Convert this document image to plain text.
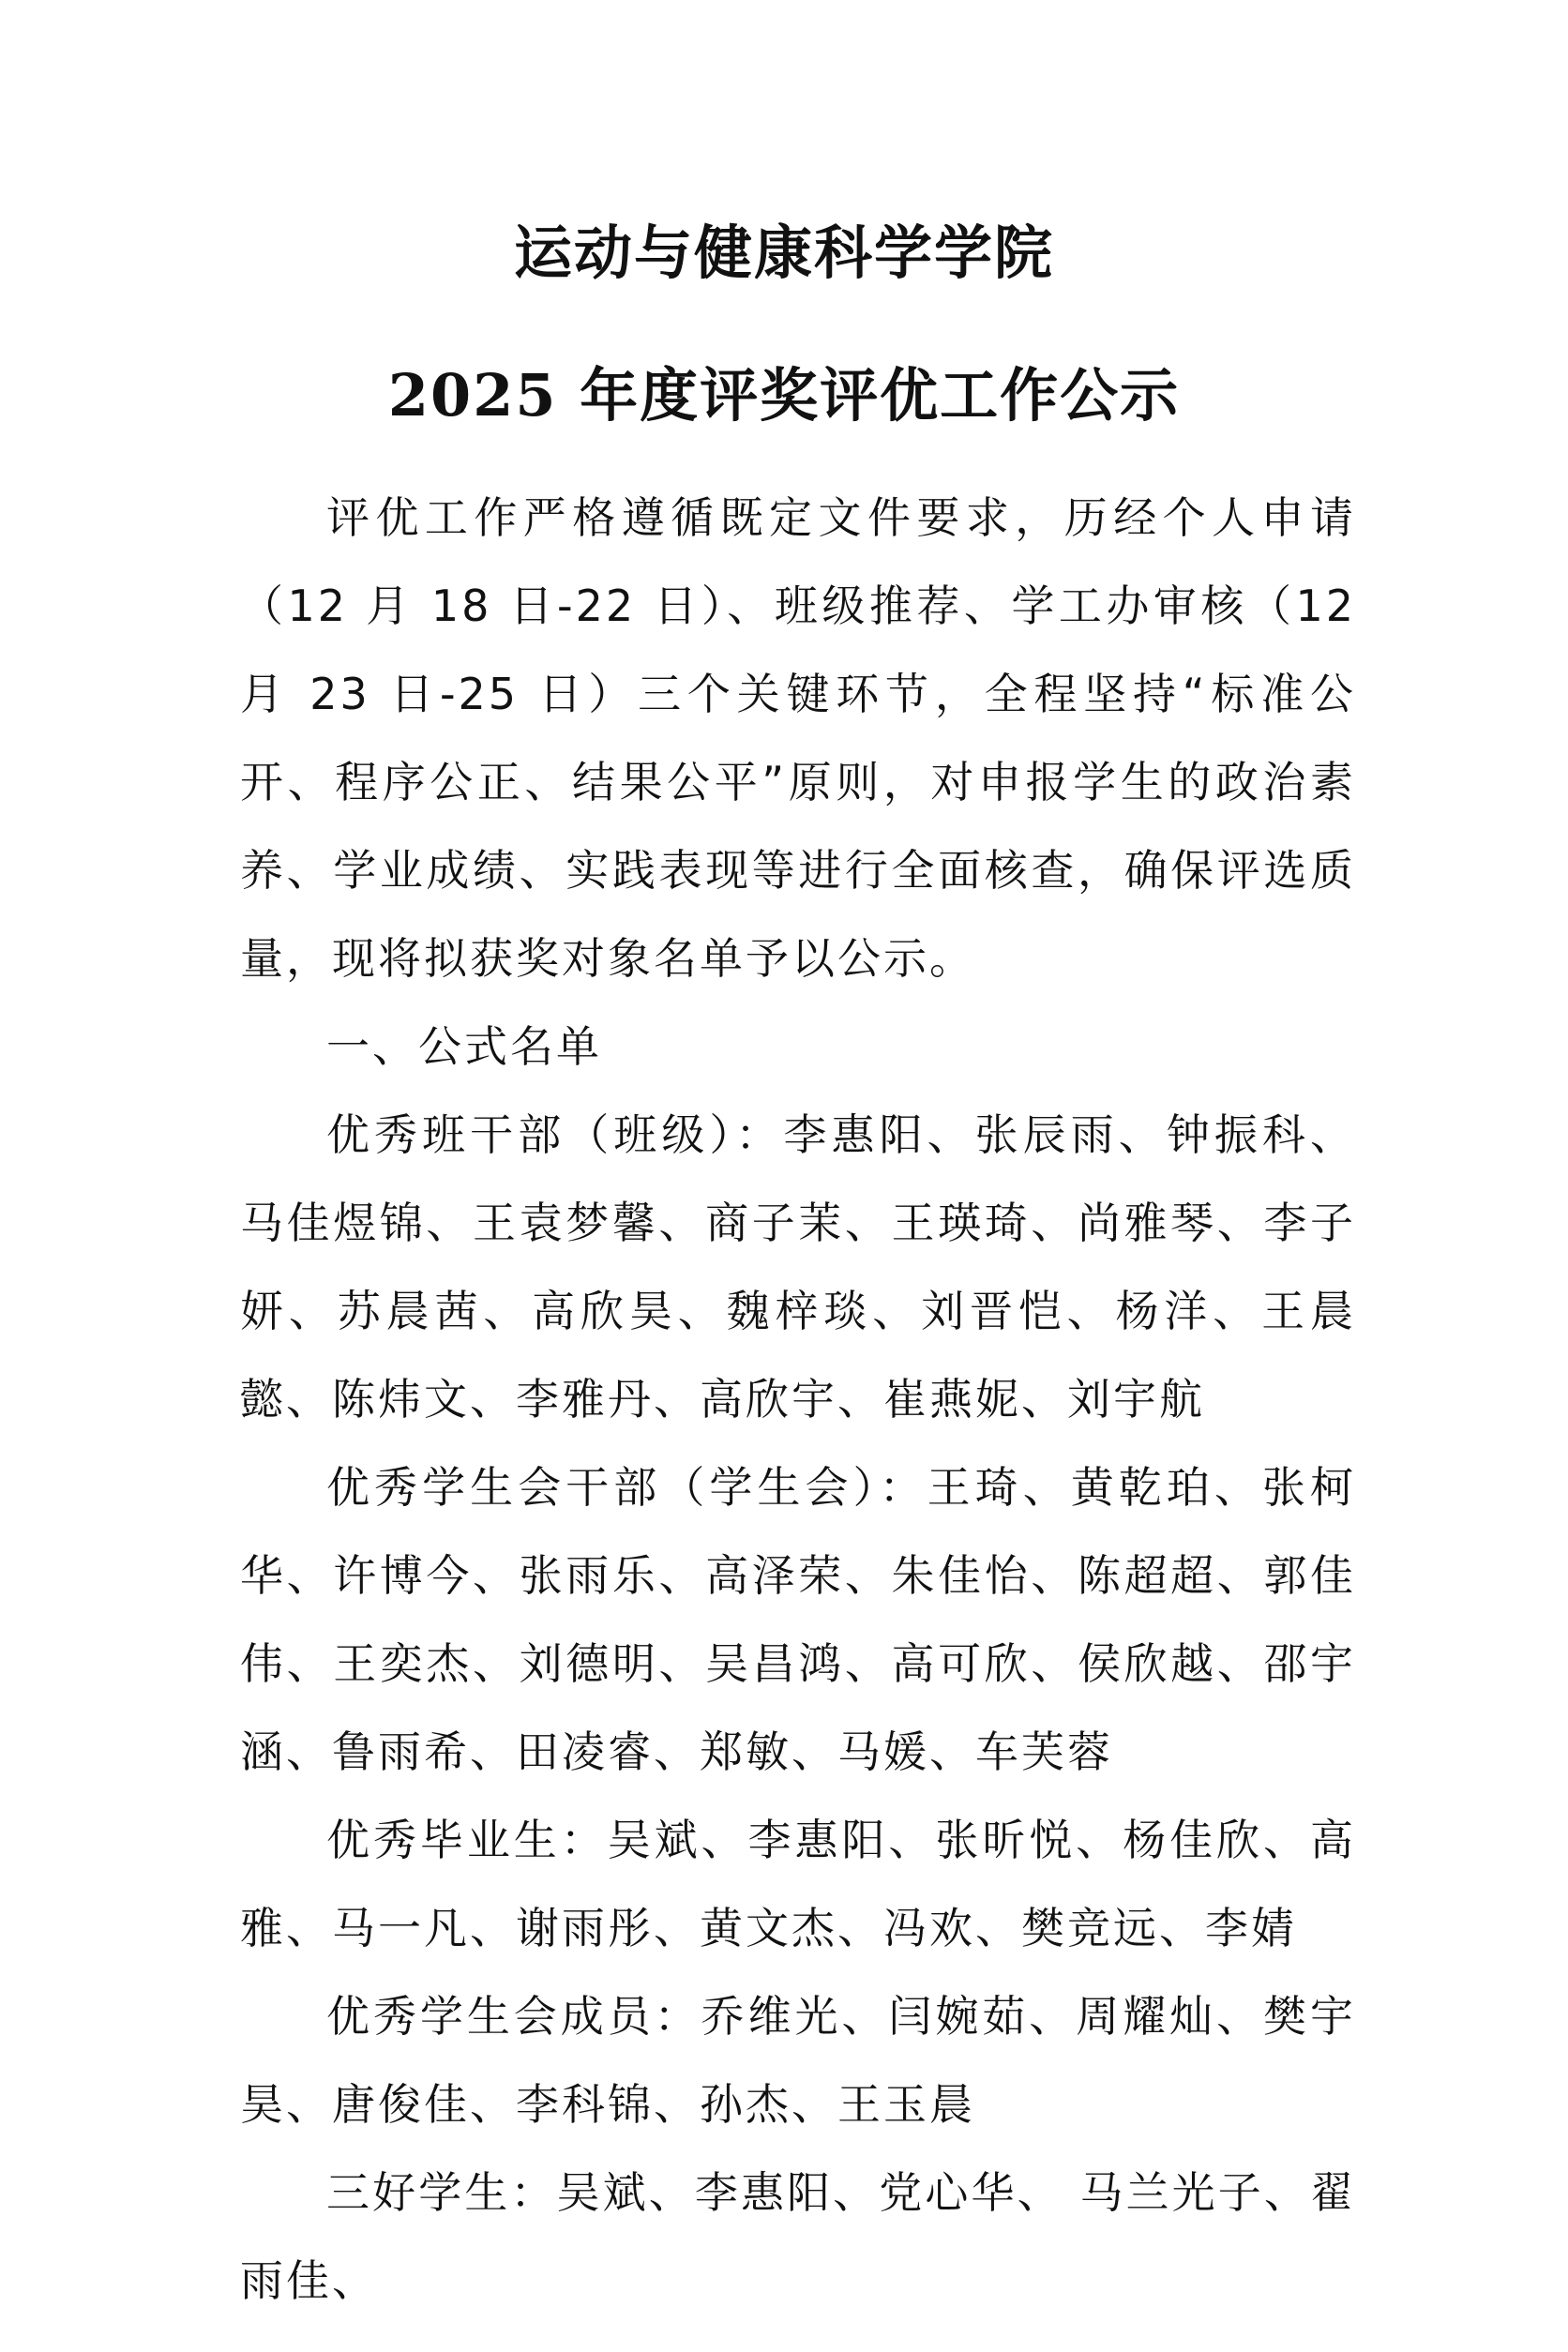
运动与健康科学学院
2025 年度评奖评优工作公示

评优工作严格遵循既定文件要求，历经个人申请（12 月 18 日-22 日）、班级推荐、学工办审核（12 月 23 日-25 日）三个关键环节，全程坚持“标准公开、程序公正、结果公平”原则，对申报学生的政治素养、学业成绩、实践表现等进行全面核查，确保评选质量，现将拟获奖对象名单予以公示。

一、公式名单

优秀班干部（班级）：李惠阳、张辰雨、钟振科、马佳煜锦、王袁梦馨、商子茉、王瑛琦、尚雅琴、李子妍、苏晨茜、高欣昊、魏梓琰、刘晋恺、杨洋、王晨懿、陈炜文、李雅丹、高欣宇、崔燕妮、刘宇航

优秀学生会干部（学生会）：王琦、黄乾珀、张柯华、许博今、张雨乐、高泽荣、朱佳怡、陈超超、郭佳伟、王奕杰、刘德明、吴昌鸿、高可欣、侯欣越、邵宇涵、鲁雨希、田凌睿、郑敏、马媛、车芙蓉

优秀毕业生：吴斌、李惠阳、张昕悦、杨佳欣、高雅、马一凡、谢雨彤、黄文杰、冯欢、樊竞远、李婧

优秀学生会成员：乔维光、闫婉茹、周耀灿、樊宇昊、唐俊佳、李科锦、孙杰、王玉晨

三好学生：吴斌、李惠阳、党心华、 马兰光子、翟雨佳、
